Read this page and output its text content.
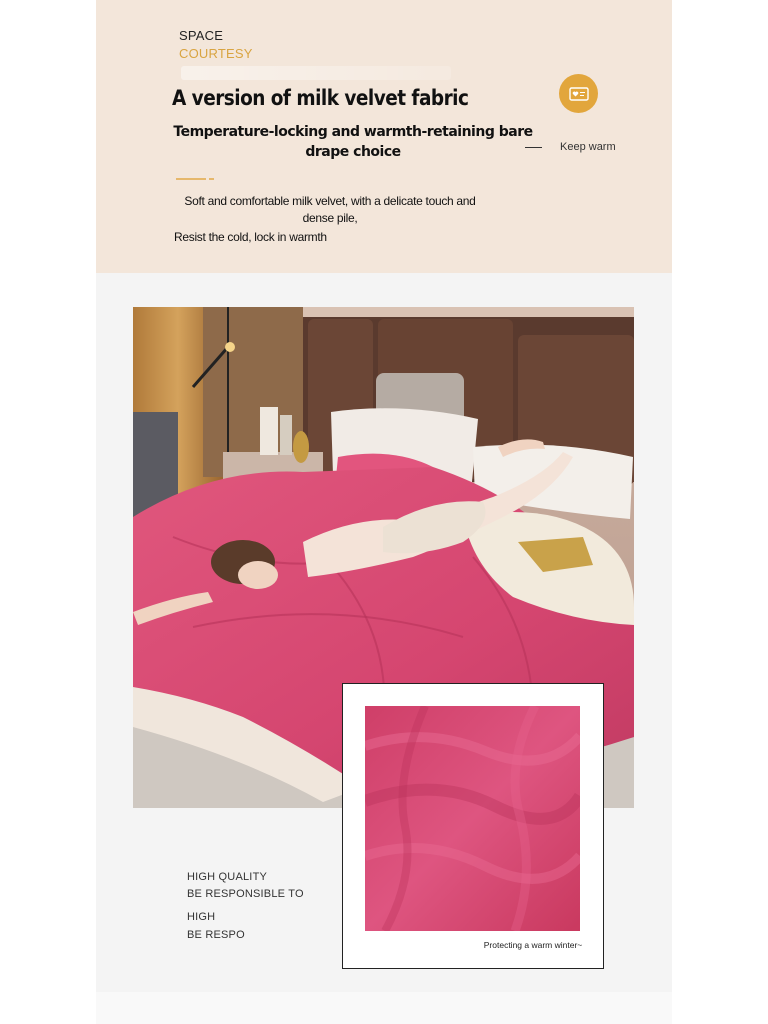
SPACE
COURTESY
A version of milk velvet fabric
Temperature-locking and warmth-retaining bare drape choice
Soft and comfortable milk velvet, with a delicate touch and dense pile,
Resist the cold, lock in warmth
Keep warm
Protecting a warm winter~
HIGH QUALITY
BE RESPONSIBLE TO
HIGH
BE RESPO
